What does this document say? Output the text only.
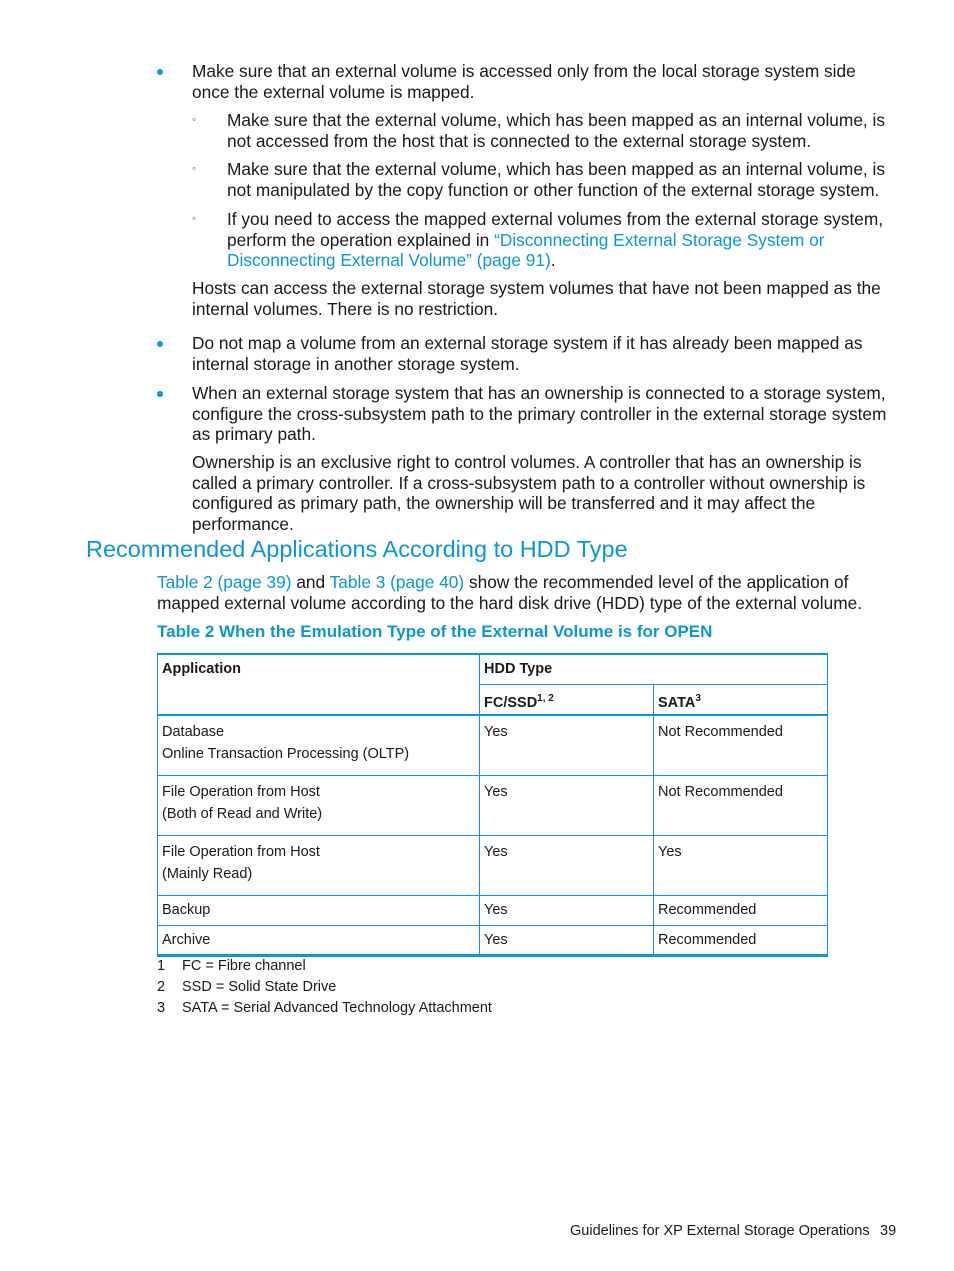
Make sure that an external volume is accessed only from the local storage system side once the external volume is mapped.

◦ Make sure that the external volume, which has been mapped as an internal volume, is not accessed from the host that is connected to the external storage system.

◦ Make sure that the external volume, which has been mapped as an internal volume, is not manipulated by the copy function or other function of the external storage system.

◦ If you need to access the mapped external volumes from the external storage system, perform the operation explained in “Disconnecting External Storage System or Disconnecting External Volume” (page 91).

Hosts can access the external storage system volumes that have not been mapped as the internal volumes. There is no restriction.

Do not map a volume from an external storage system if it has already been mapped as internal storage in another storage system.

When an external storage system that has an ownership is connected to a storage system, configure the cross-subsystem path to the primary controller in the external storage system as primary path.

Ownership is an exclusive right to control volumes. A controller that has an ownership is called a primary controller. If a cross-subsystem path to a controller without ownership is configured as primary path, the ownership will be transferred and it may affect the performance.

Recommended Applications According to HDD Type

Table 2 (page 39) and Table 3 (page 40) show the recommended level of the application of mapped external volume according to the hard disk drive (HDD) type of the external volume.

Table 2 When the Emulation Type of the External Volume is for OPEN

Application	HDD Type	
	FC/SSD$^{1, 2}$	SATA$^3$

Database
Online Transaction Processing (OLTP)	Yes	Not Recommended

File Operation from Host
(Both of Read and Write)	Yes	Not Recommended

File Operation from Host
(Mainly Read)	Yes	Yes
Backup	Yes	Recommended
Archive	Yes	Recommended
1 FC = Fibre channel
2 SSD = Solid State Drive
3 SATA = Serial Advanced Technology Attachment
Guidelines for XP External Storage Operations 39
